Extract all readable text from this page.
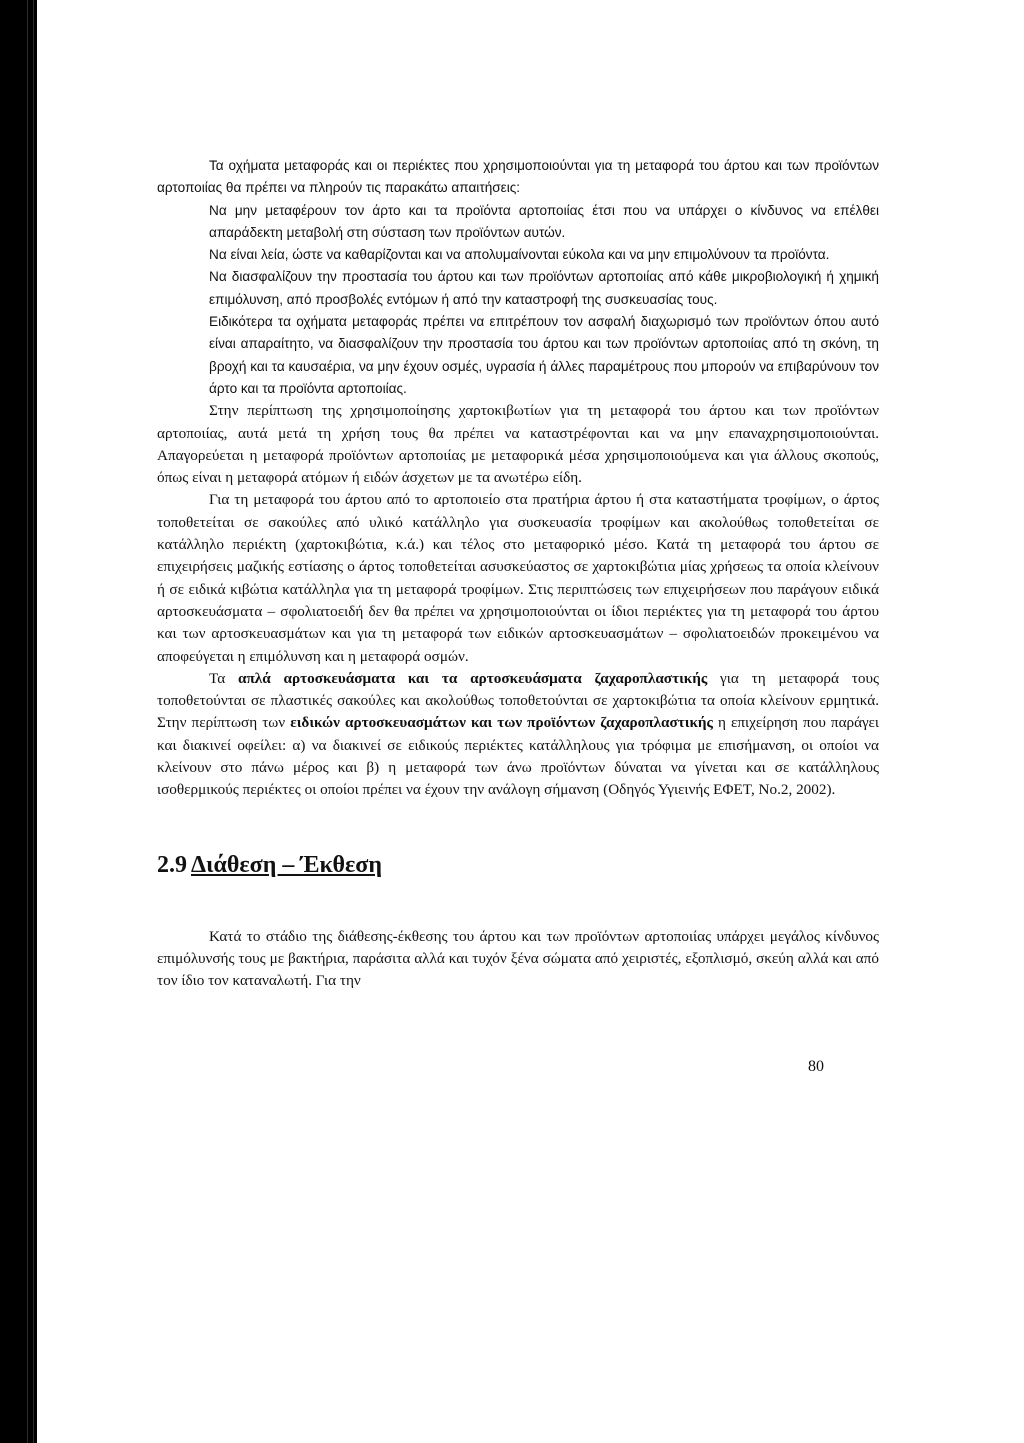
Τα οχήματα μεταφοράς και οι περιέκτες που χρησιμοποιούνται για τη μεταφορά του άρτου και των προϊόντων αρτοποιίας θα πρέπει να πληρούν τις παρακάτω απαιτήσεις:

Να μην μεταφέρουν τον άρτο και τα προϊόντα αρτοποιίας έτσι που να υπάρχει ο κίνδυνος να επέλθει απαράδεκτη μεταβολή στη σύσταση των προϊόντων αυτών.

Να είναι λεία, ώστε να καθαρίζονται και να απολυμαίνονται εύκολα και να μην επιμολύνουν τα προϊόντα.

Να διασφαλίζουν την προστασία του άρτου και των προϊόντων αρτοποιίας από κάθε μικροβιολογική ή χημική επιμόλυνση, από προσβολές εντόμων ή από την καταστροφή της συσκευασίας τους.

Ειδικότερα τα οχήματα μεταφοράς πρέπει να επιτρέπουν τον ασφαλή διαχωρισμό των προϊόντων όπου αυτό είναι απαραίτητο, να διασφαλίζουν την προστασία του άρτου και των προϊόντων αρτοποιίας από τη σκόνη, τη βροχή και τα καυσαέρια, να μην έχουν οσμές, υγρασία ή άλλες παραμέτρους που μπορούν να επιβαρύνουν τον άρτο και τα προϊόντα αρτοποιίας.

Στην περίπτωση της χρησιμοποίησης χαρτοκιβωτίων για τη μεταφορά του άρτου και των προϊόντων αρτοποιίας, αυτά μετά τη χρήση τους θα πρέπει να καταστρέφονται και να μην επαναχρησιμοποιούνται. Απαγορεύεται η μεταφορά προϊόντων αρτοποιίας με μεταφορικά μέσα χρησιμοποιούμενα και για άλλους σκοπούς, όπως είναι η μεταφορά ατόμων ή ειδών άσχετων με τα ανωτέρω είδη.

Για τη μεταφορά του άρτου από το αρτοποιείο στα πρατήρια άρτου ή στα καταστήματα τροφίμων, ο άρτος τοποθετείται σε σακούλες από υλικό κατάλληλο για συσκευασία τροφίμων και ακολούθως τοποθετείται σε κατάλληλο περιέκτη (χαρτοκιβώτια, κ.ά.) και τέλος στο μεταφορικό μέσο. Κατά τη μεταφορά του άρτου σε επιχειρήσεις μαζικής εστίασης ο άρτος τοποθετείται ασυσκεύαστος σε χαρτοκιβώτια μίας χρήσεως τα οποία κλείνουν ή σε ειδικά κιβώτια κατάλληλα για τη μεταφορά τροφίμων. Στις περιπτώσεις των επιχειρήσεων που παράγουν ειδικά αρτοσκευάσματα – σφολιατοειδή δεν θα πρέπει να χρησιμοποιούνται οι ίδιοι περιέκτες για τη μεταφορά του άρτου και των αρτοσκευασμάτων και για τη μεταφορά των ειδικών αρτοσκευασμάτων – σφολιατοειδών προκειμένου να αποφεύγεται η επιμόλυνση και η μεταφορά οσμών.

Τα απλά αρτοσκευάσματα και τα αρτοσκευάσματα ζαχαροπλαστικής για τη μεταφορά τους τοποθετούνται σε πλαστικές σακούλες και ακολούθως τοποθετούνται σε χαρτοκιβώτια τα οποία κλείνουν ερμητικά. Στην περίπτωση των ειδικών αρτοσκευασμάτων και των προϊόντων ζαχαροπλαστικής η επιχείρηση που παράγει και διακινεί οφείλει: α) να διακινεί σε ειδικούς περιέκτες κατάλληλους για τρόφιμα με επισήμανση, οι οποίοι να κλείνουν στο πάνω μέρος και β) η μεταφορά των άνω προϊόντων δύναται να γίνεται και σε κατάλληλους ισοθερμικούς περιέκτες οι οποίοι πρέπει να έχουν την ανάλογη σήμανση (Οδηγός Υγιεινής ΕΦΕΤ, Νο.2, 2002).

2.9 Διάθεση – Έκθεση

Κατά το στάδιο της διάθεσης-έκθεσης του άρτου και των προϊόντων αρτοποιίας υπάρχει μεγάλος κίνδυνος επιμόλυνσής τους με βακτήρια, παράσιτα αλλά και τυχόν ξένα σώματα από χειριστές, εξοπλισμό, σκεύη αλλά και από τον ίδιο τον καταναλωτή. Για την

80
